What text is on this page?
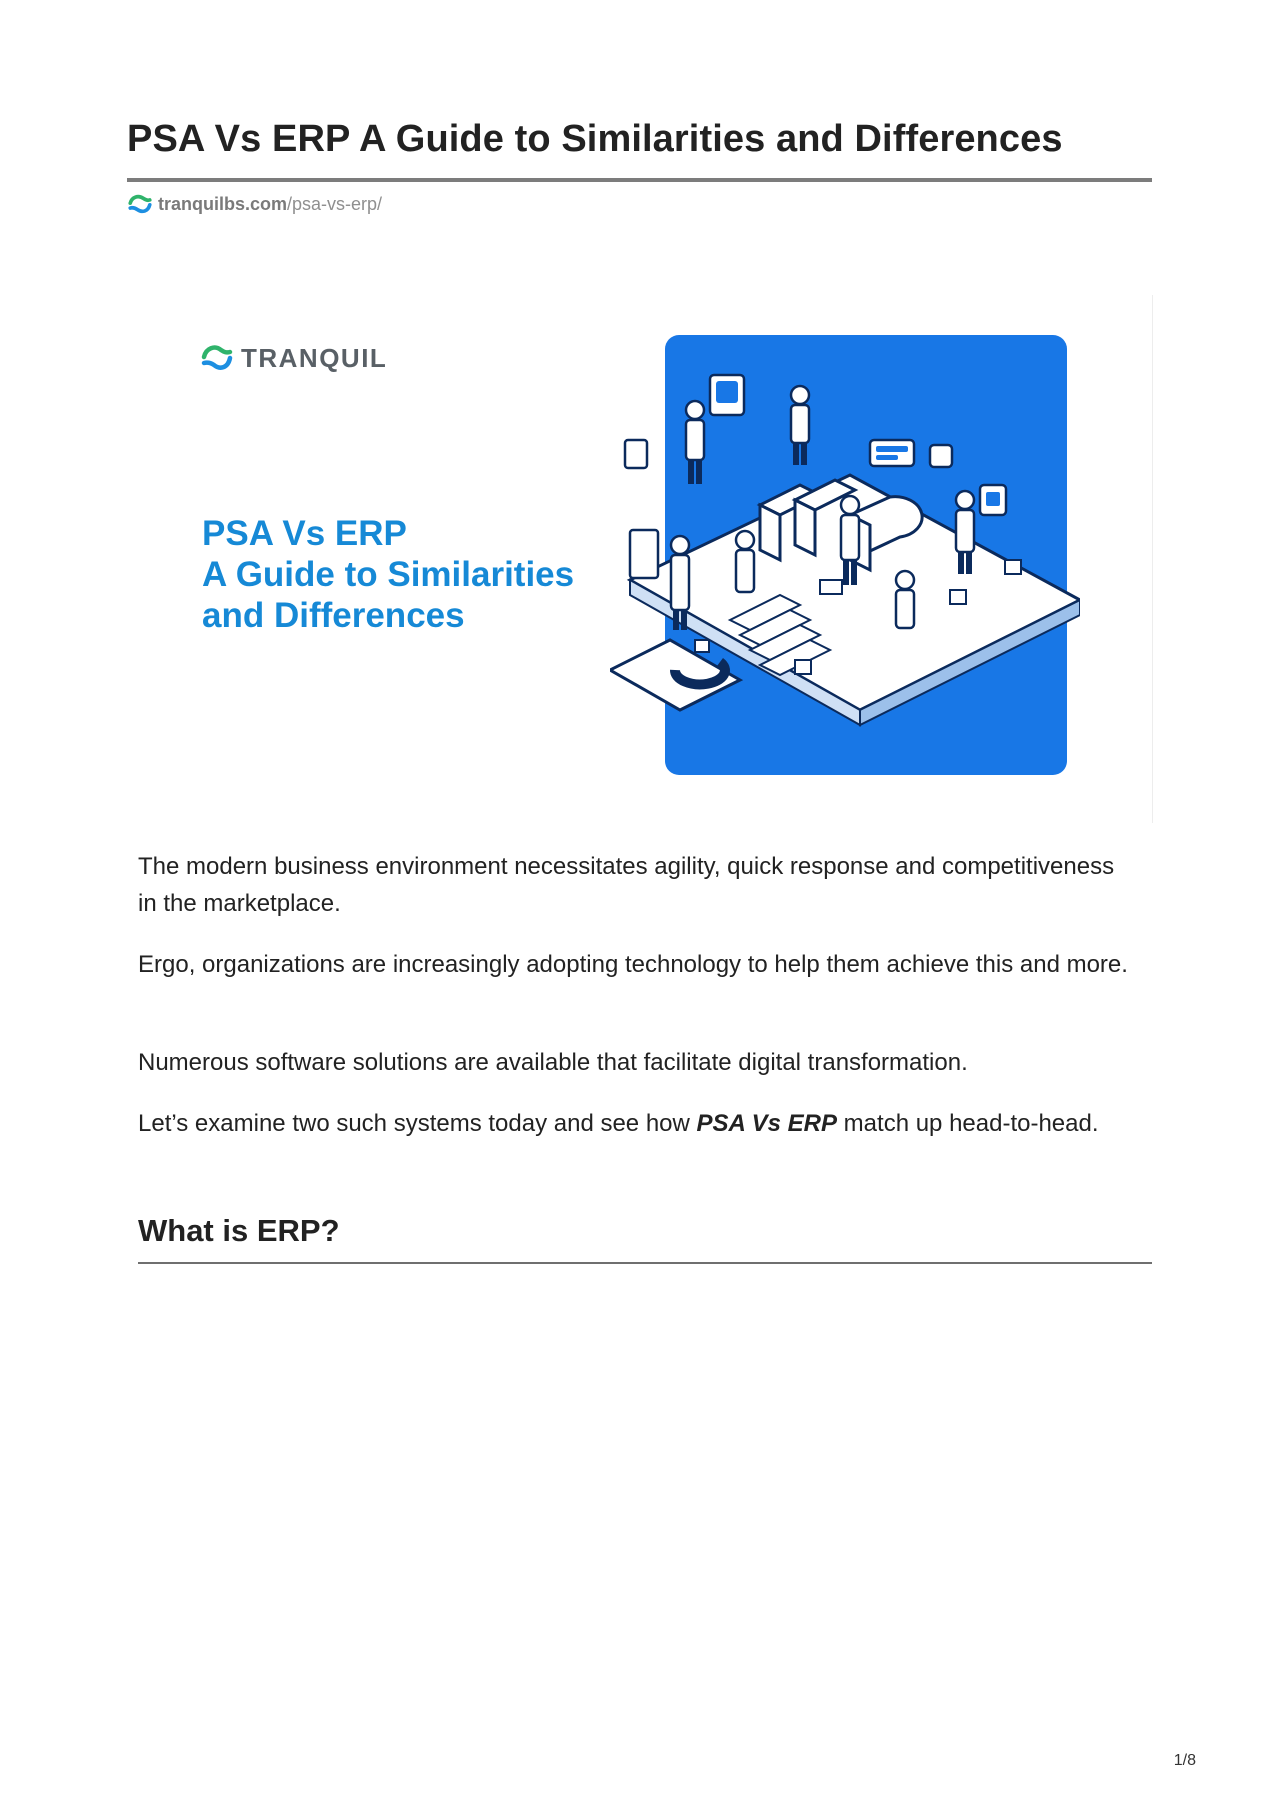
PSA Vs ERP A Guide to Similarities and Differences
tranquilbs.com /psa-vs-erp/
TRANQUIL
PSA Vs ERP
A Guide to Similarities
and Differences

The modern business environment necessitates agility, quick response and competitiveness in the marketplace.

Ergo, organizations are increasingly adopting technology to help them achieve this and more.

Numerous software solutions are available that facilitate digital transformation.

Let’s examine two such systems today and see how PSA Vs ERP match up head-to-head.

What is ERP?
1/8
